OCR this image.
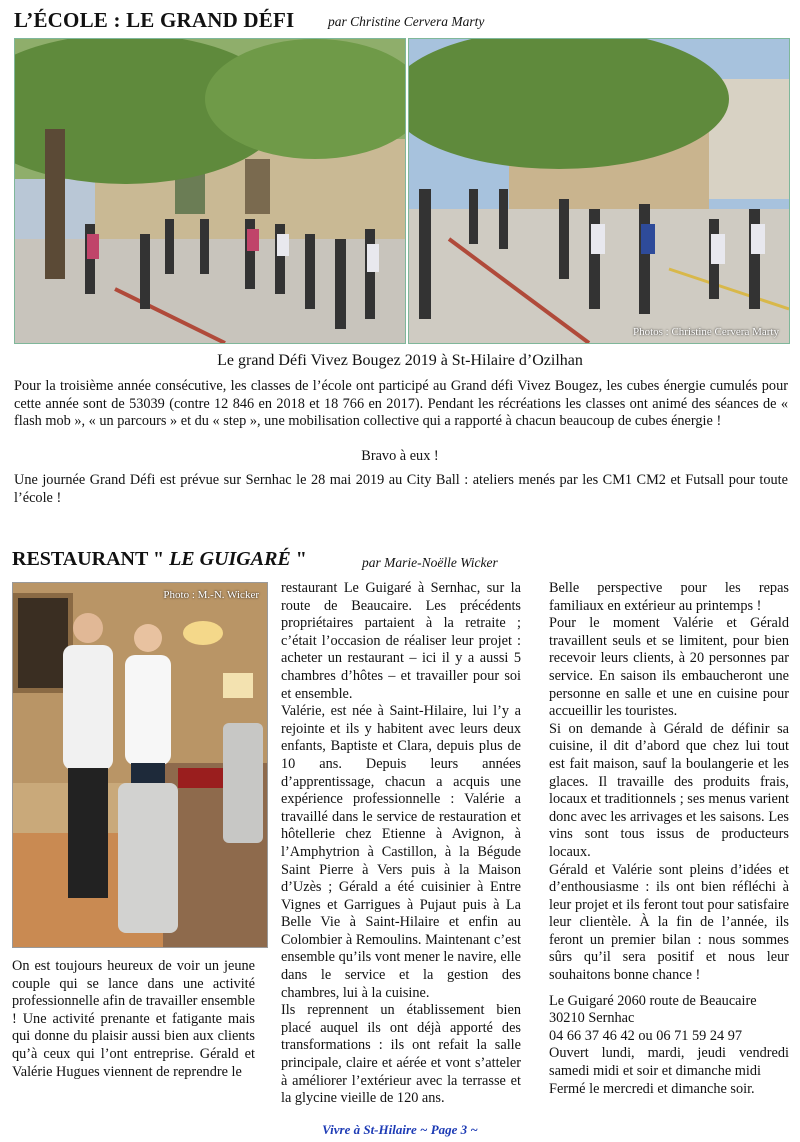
L’ÉCOLE : LE GRAND DÉFI par Christine Cervera Marty
Photos : Christine Cervera Marty
Le grand Défi Vivez Bougez 2019 à St-Hilaire d’Ozilhan
Pour la troisième année consécutive, les classes de l’école ont participé au Grand défi Vivez Bougez, les cubes énergie cumulés pour cette année sont de 53039 (contre 12 846 en 2018 et 18 766 en 2017). Pendant les récréations les classes ont animé des séances de « flash mob », « un parcours » et du « step », une mobilisation collective qui a rapporté à chacun beaucoup de cubes énergie !
Bravo à eux !
Une journée Grand Défi est prévue sur Sernhac le 28 mai 2019 au City Ball : ateliers menés par les CM1 CM2 et Futsall pour toute l’école !
RESTAURANT " LE GUIGARÉ "	par Marie-Noëlle Wicker
Photo : M.-N. Wicker

On est toujours heureux de voir un jeune couple qui se lance dans une activité professionnelle afin de travailler ensemble ! Une activité prenante et fatigante mais qui donne du plaisir aussi bien aux clients qu’à ceux qui l’ont entreprise. Gérald et Valérie Hugues viennent de reprendre le

restaurant Le Guigaré à Sernhac, sur la route de Beaucaire. Les précédents propriétaires partaient à la retraite ; c’était l’occasion de réaliser leur projet : acheter un restaurant – ici il y a aussi 5 chambres d’hôtes – et travailler pour soi et ensemble.

Valérie, est née à Saint-Hilaire, lui l’y a rejointe et ils y habitent avec leurs deux enfants, Baptiste et Clara, depuis plus de 10 ans. Depuis leurs années d’apprentissage, chacun a acquis une expérience professionnelle : Valérie a travaillé dans le service de restauration et hôtellerie chez Etienne à Avignon, à l’Amphytrion à Castillon, à la Bégude Saint Pierre à Vers puis à la Maison d’Uzès ; Gérald a été cuisinier à Entre Vignes et Garrigues à Pujaut puis à La Belle Vie à Saint-Hilaire et enfin au Colombier à Remoulins. Maintenant c’est ensemble qu’ils vont mener le navire, elle dans le service et la gestion des chambres, lui à la cuisine.

Ils reprennent un établissement bien placé auquel ils ont déjà apporté des transformations : ils ont refait la salle principale, claire et aérée et vont s’atteler à améliorer l’extérieur avec la terrasse et la glycine vieille de 120 ans.

Belle perspective pour les repas familiaux en extérieur au printemps !

Pour le moment Valérie et Gérald travaillent seuls et se limitent, pour bien recevoir leurs clients, à 20 personnes par service. En saison ils embaucheront une personne en salle et une en cuisine pour accueillir les touristes.

Si on demande à Gérald de définir sa cuisine, il dit d’abord que chez lui tout est fait maison, sauf la boulangerie et les glaces. Il travaille des produits frais, locaux et traditionnels ; ses menus varient donc avec les arrivages et les saisons. Les vins sont tous issus de producteurs locaux.

Gérald et Valérie sont pleins d’idées et d’enthousiasme : ils ont bien réfléchi à leur projet et ils feront tout pour satisfaire leur clientèle. À la fin de l’année, ils feront un premier bilan : nous sommes sûrs qu’il sera positif et nous leur souhaitons bonne chance !

Le Guigaré 2060 route de Beaucaire

30210 Sernhac

04 66 37 46 42 ou 06 71 59 24 97

Ouvert lundi, mardi, jeudi vendredi samedi midi et soir et dimanche midi

Fermé le mercredi et dimanche soir.

Vivre à St-Hilaire ~ Page 3 ~
